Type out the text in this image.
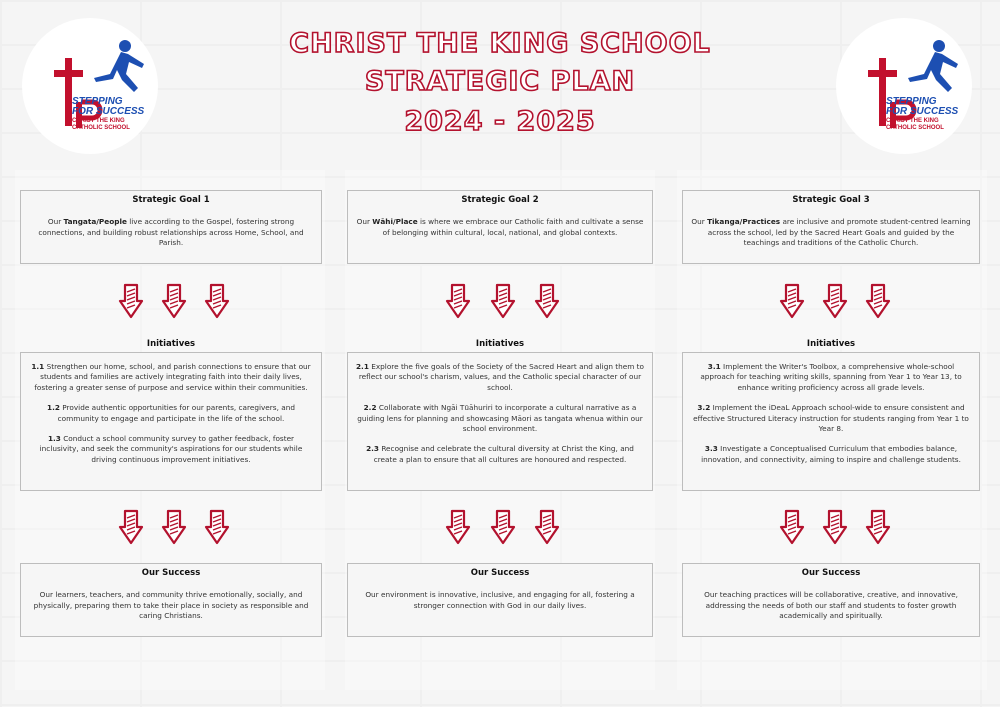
STEPPING
FOR SUCCESS
CHRIST THE KING
CATHOLIC SCHOOL
STEPPING
FOR SUCCESS
CHRIST THE KING
CATHOLIC SCHOOL
CHRIST THE KING SCHOOL
STRATEGIC PLAN
2024 - 2025
Strategic Goal 1
Our Tangata/People live according to the Gospel, fostering strong connections, and building robust relationships across Home, School, and Parish.
Initiatives

1.1 Strengthen our home, school, and parish connections to ensure that our students and families are actively integrating faith into their daily lives, fostering a greater sense of purpose and service within their communities.

1.2 Provide authentic opportunities for our parents, caregivers, and community to engage and participate in the life of the school.

1.3 Conduct a school community survey to gather feedback, foster inclusivity, and seek the community's aspirations for our students while driving continuous improvement initiatives.

Our Success
Our learners, teachers, and community thrive emotionally, socially, and physically, preparing them to take their place in society as responsible and caring Christians.
Strategic Goal 2
Our Wāhi/Place is where we embrace our Catholic faith and cultivate a sense of belonging within cultural, local, national, and global contexts.
Initiatives

2.1 Explore the five goals of the Society of the Sacred Heart and align them to reflect our school's charism, values, and the Catholic special character of our school.

2.2 Collaborate with Ngāi Tūāhuriri to incorporate a cultural narrative as a guiding lens for planning and showcasing Māori as tangata whenua within our school environment.

2.3 Recognise and celebrate the cultural diversity at Christ the King, and create a plan to ensure that all cultures are honoured and respected.

Our Success
Our environment is innovative, inclusive, and engaging for all, fostering a stronger connection with God in our daily lives.
Strategic Goal 3
Our Tikanga/Practices are inclusive and promote student-centred learning across the school, led by the Sacred Heart Goals and guided by the teachings and traditions of the Catholic Church.
Initiatives

3.1 Implement the Writer's Toolbox, a comprehensive whole-school approach for teaching writing skills, spanning from Year 1 to Year 13, to enhance writing proficiency across all grade levels.

3.2 Implement the iDeaL Approach school-wide to ensure consistent and effective Structured Literacy instruction for students ranging from Year 1 to Year 8.

3.3 Investigate a Conceptualised Curriculum that embodies balance, innovation, and connectivity, aiming to inspire and challenge students.

Our Success
Our teaching practices will be collaborative, creative, and innovative, addressing the needs of both our staff and students to foster growth academically and spiritually.
